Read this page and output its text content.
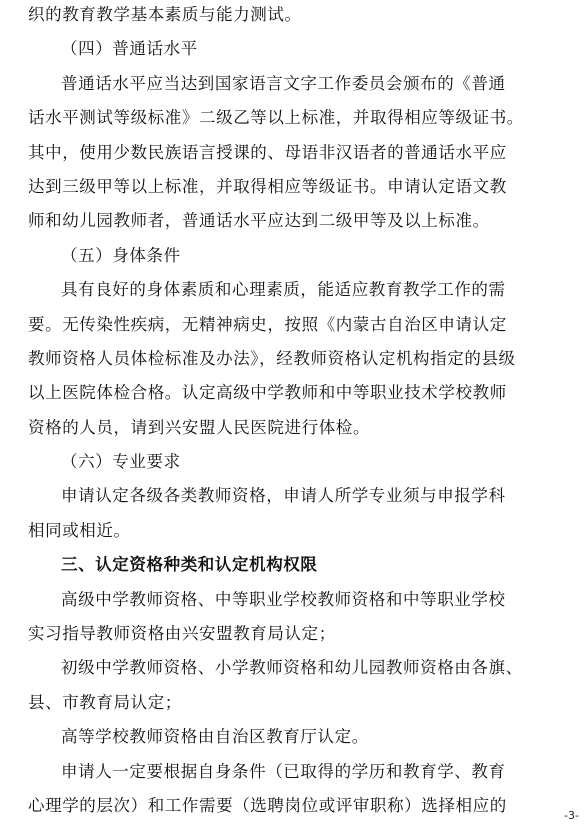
织的教育教学基本素质与能力测试。
（四）普通话水平
普通话水平应当达到国家语言文字工作委员会颁布的《普通
话水平测试等级标准》二级乙等以上标准，并取得相应等级证书。
其中，使用少数民族语言授课的、母语非汉语者的普通话水平应
达到三级甲等以上标准，并取得相应等级证书。申请认定语文教
师和幼儿园教师者，普通话水平应达到二级甲等及以上标准。
（五）身体条件
具有良好的身体素质和心理素质，能适应教育教学工作的需
要。无传染性疾病，无精神病史，按照《内蒙古自治区申请认定
教师资格人员体检标准及办法》，经教师资格认定机构指定的县级
以上医院体检合格。认定高级中学教师和中等职业技术学校教师
资格的人员，请到兴安盟人民医院进行体检。
（六）专业要求
申请认定各级各类教师资格，申请人所学专业须与申报学科
相同或相近。
三、认定资格种类和认定机构权限
高级中学教师资格、中等职业学校教师资格和中等职业学校
实习指导教师资格由兴安盟教育局认定；
初级中学教师资格、小学教师资格和幼儿园教师资格由各旗、
县、市教育局认定；
高等学校教师资格由自治区教育厅认定。
申请人一定要根据自身条件（已取得的学历和教育学、教育
心理学的层次）和工作需要（选聘岗位或评审职称）选择相应的
-3-
